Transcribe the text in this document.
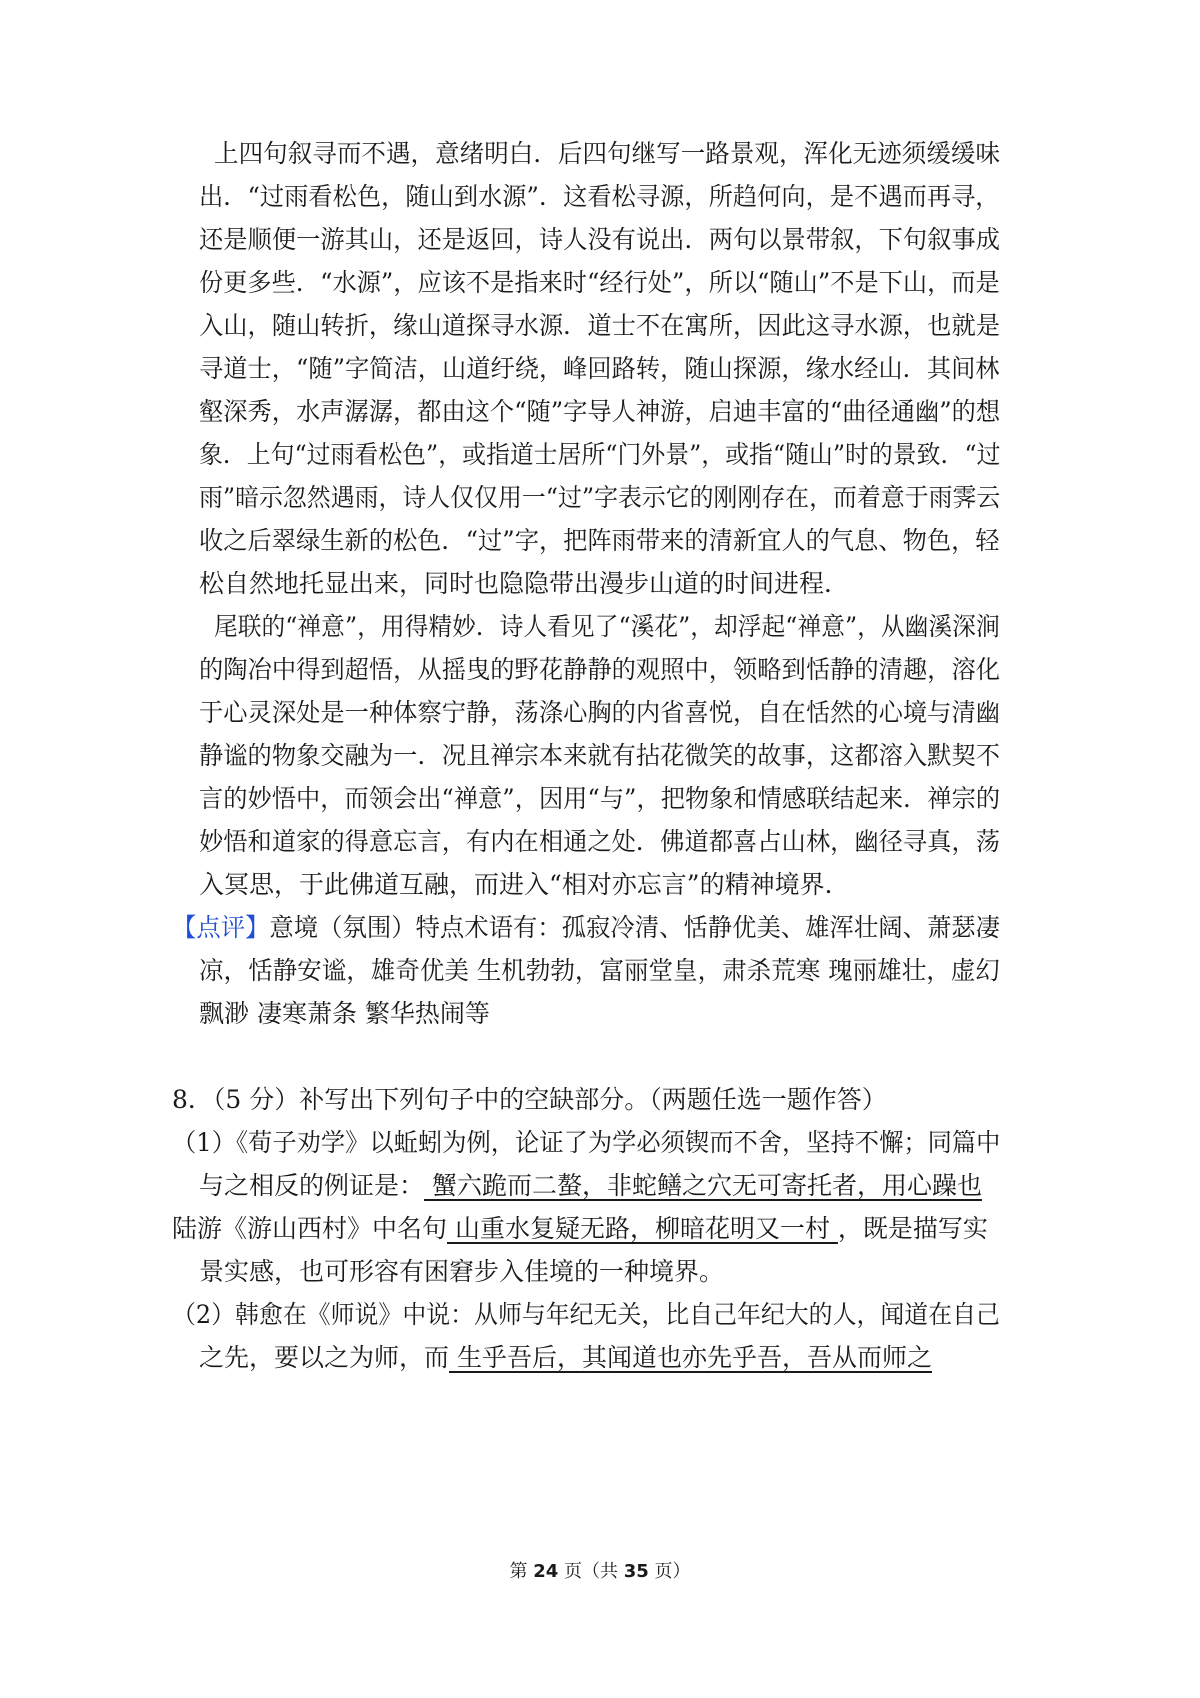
上四句叙寻而不遇，意绪明白．后四句继写一路景观，浑化无迹须缓缓味
出．“过雨看松色，随山到水源”．这看松寻源，所趋何向，是不遇而再寻，
还是顺便一游其山，还是返回，诗人没有说出．两句以景带叙，下句叙事成
份更多些．“水源”，应该不是指来时“经行处”，所以“随山”不是下山，而是
入山，随山转折，缘山道探寻水源．道士不在寓所，因此这寻水源，也就是
寻道士，“随”字简洁，山道纡绕，峰回路转，随山探源，缘水经山．其间林
壑深秀，水声潺潺，都由这个“随”字导人神游，启迪丰富的“曲径通幽”的想
象．上句“过雨看松色”，或指道士居所“门外景”，或指“随山”时的景致．“过
雨”暗示忽然遇雨，诗人仅仅用一“过”字表示它的刚刚存在，而着意于雨霁云
收之后翠绿生新的松色．“过”字，把阵雨带来的清新宜人的气息、物色，轻
松自然地托显出来，同时也隐隐带出漫步山道的时间进程．
尾联的“禅意”，用得精妙．诗人看见了“溪花”，却浮起“禅意”，从幽溪深涧
的陶冶中得到超悟，从摇曳的野花静静的观照中，领略到恬静的清趣，溶化
于心灵深处是一种体察宁静，荡涤心胸的内省喜悦，自在恬然的心境与清幽
静谧的物象交融为一．况且禅宗本来就有拈花微笑的故事，这都溶入默契不
言的妙悟中，而领会出“禅意”，因用“与”，把物象和情感联结起来．禅宗的
妙悟和道家的得意忘言，有内在相通之处．佛道都喜占山林，幽径寻真，荡
入冥思，于此佛道互融，而进入“相对亦忘言”的精神境界．
【点评】意境（氛围）特点术语有：孤寂冷清、恬静优美、雄浑壮阔、萧瑟凄
凉，恬静安谧，雄奇优美 生机勃勃，富丽堂皇，肃杀荒寒 瑰丽雄壮，虚幻
飘渺 凄寒萧条 繁华热闹等
8．（5 分）补写出下列句子中的空缺部分。（两题任选一题作答）
（1）《荀子劝学》以蚯蚓为例，论证了为学必须锲而不舍，坚持不懈；同篇中
与之相反的例证是： 蟹六跪而二螯，非蛇鳝之穴无可寄托者，用心躁也
陆游《游山西村》中名句 山重水复疑无路，柳暗花明又一村 ，既是描写实
景实感，也可形容有困窘步入佳境的一种境界。
（2）韩愈在《师说》中说：从师与年纪无关，比自己年纪大的人，闻道在自己
之先，要以之为师，而 生乎吾后，其闻道也亦先乎吾，吾从而师之
第 24 页（共 35 页）
